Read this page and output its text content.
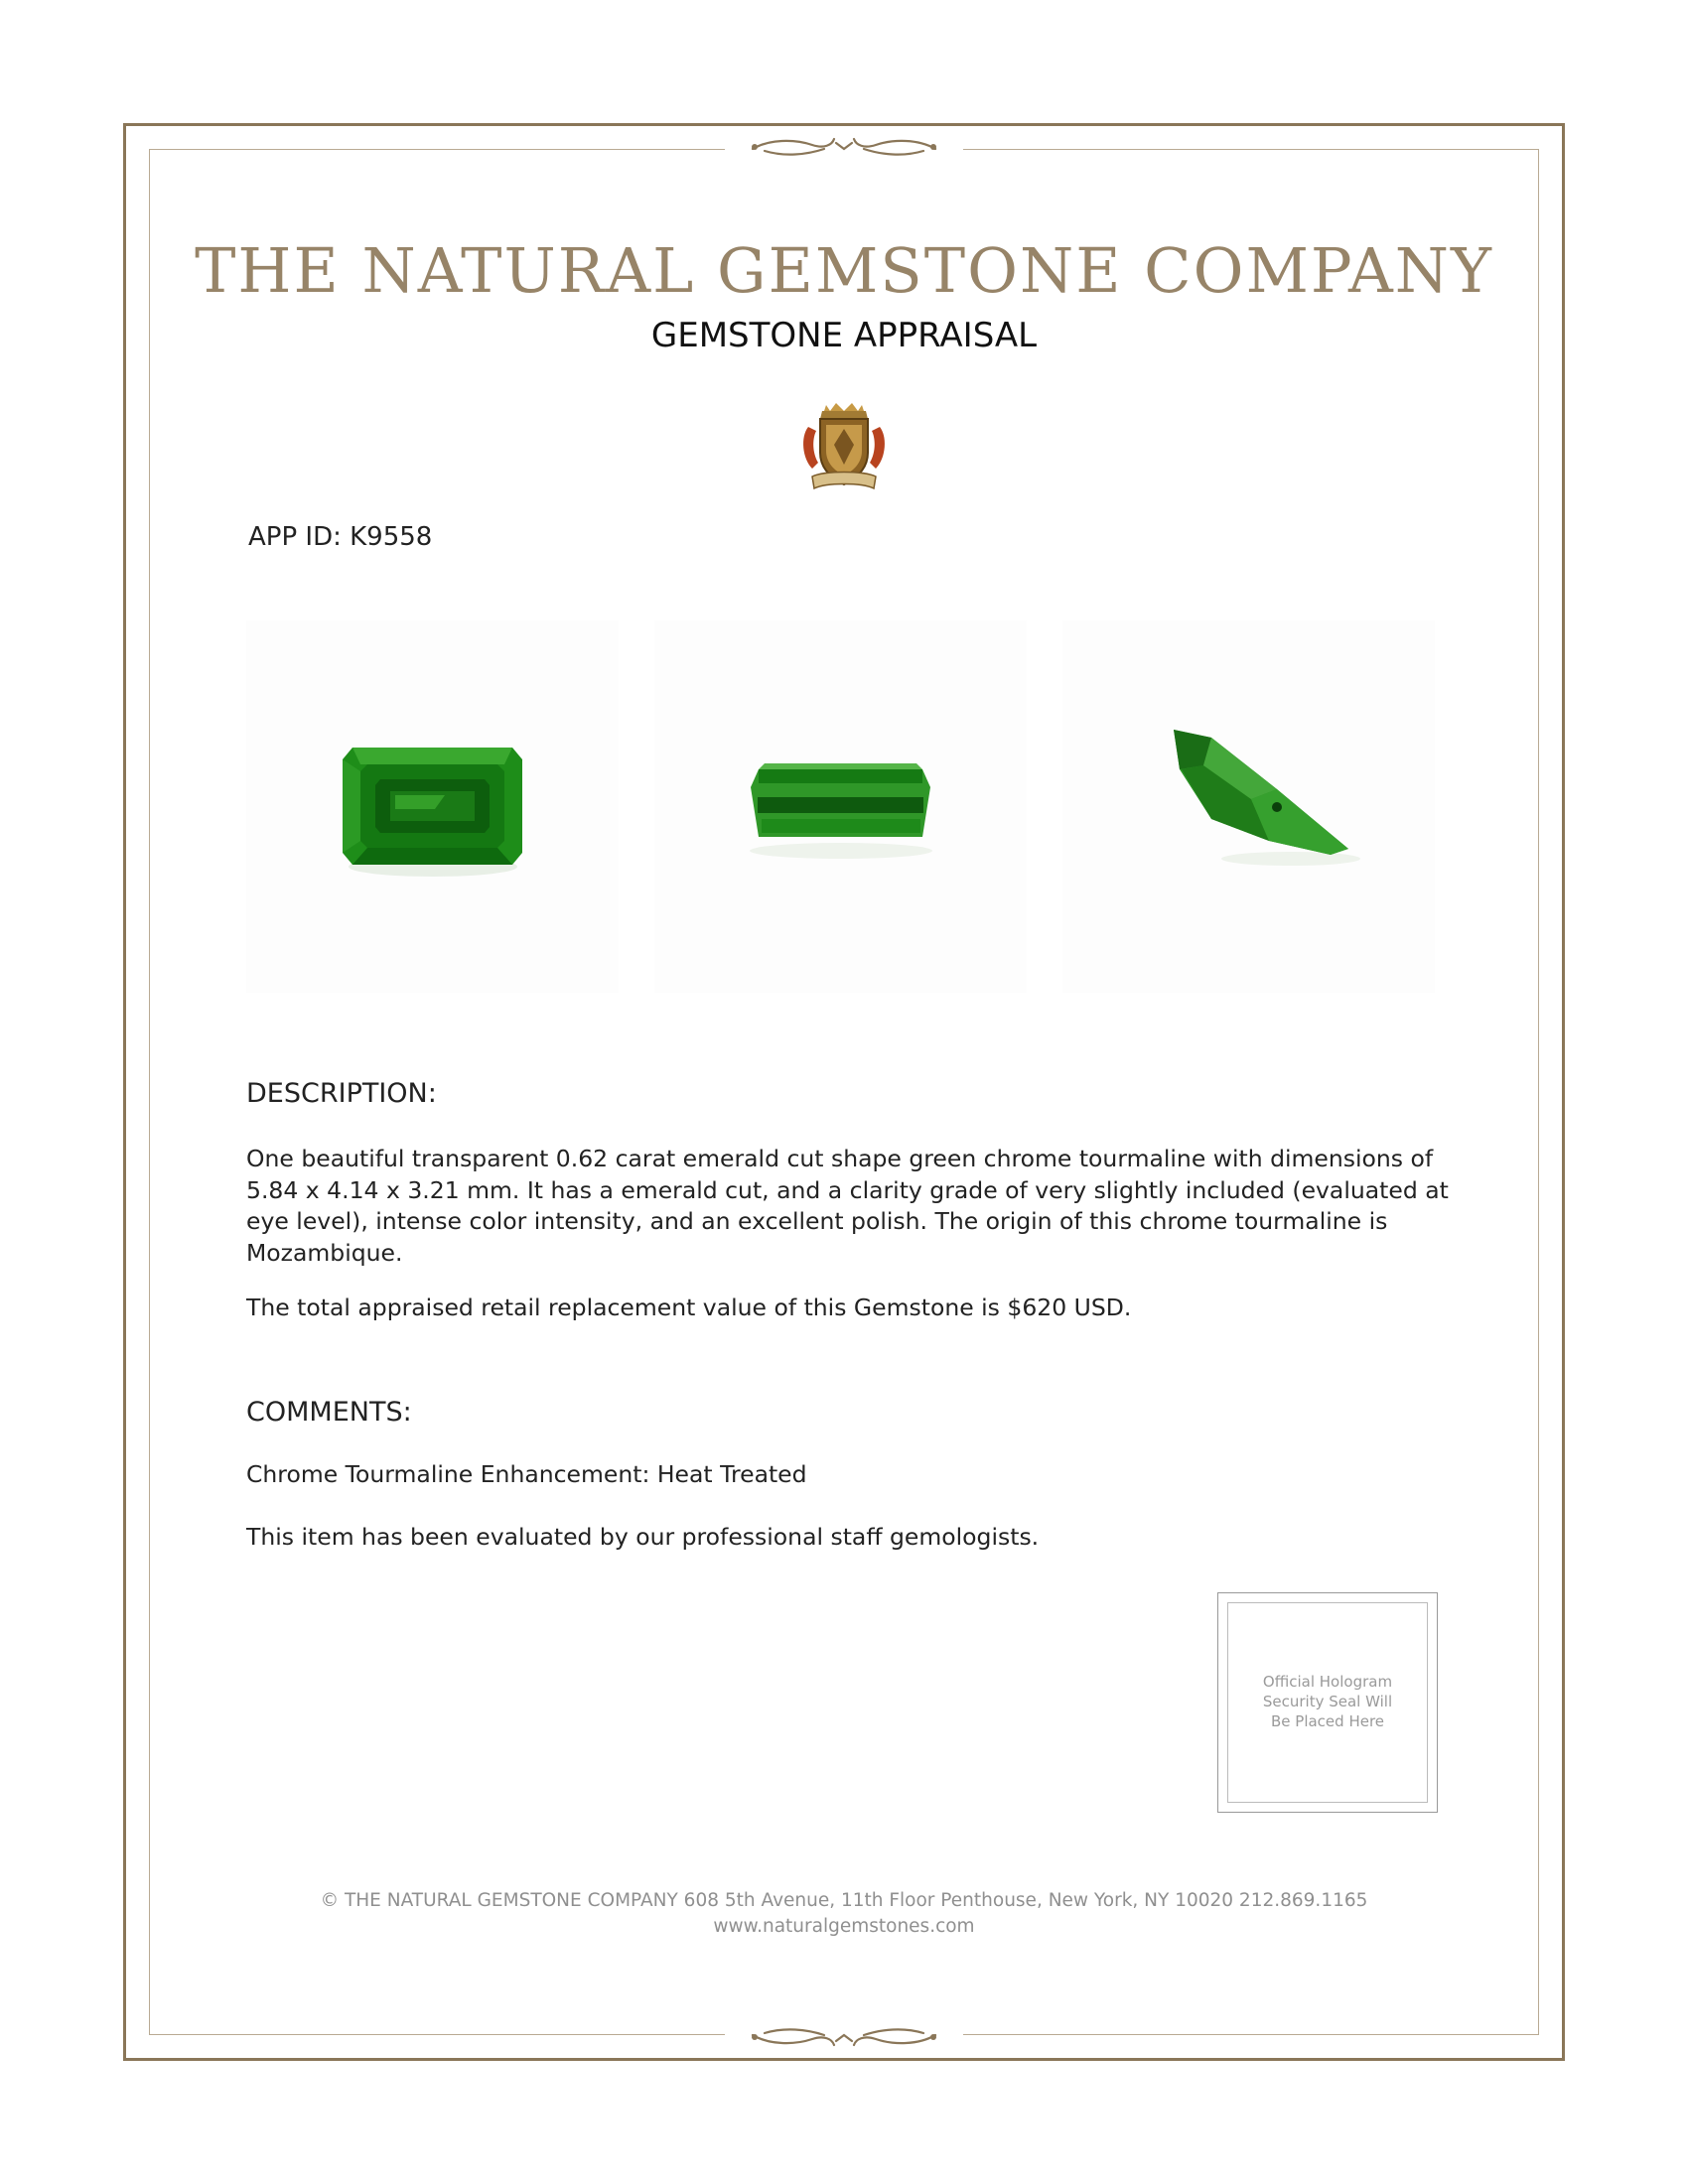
THE NATURAL GEMSTONE COMPANY
GEMSTONE APPRAISAL
APP ID: K9558
DESCRIPTION:
One beautiful transparent 0.62 carat emerald cut shape green chrome tourmaline with dimensions of 5.84 x 4.14 x 3.21 mm. It has a emerald cut, and a clarity grade of very slightly included (evaluated at eye level), intense color intensity, and an excellent polish. The origin of this chrome tourmaline is Mozambique.
The total appraised retail replacement value of this Gemstone is $620 USD.
COMMENTS:
Chrome Tourmaline Enhancement: Heat Treated
This item has been evaluated by our professional staff gemologists.
Official Hologram
Security Seal Will
Be Placed Here
© THE NATURAL GEMSTONE COMPANY 608 5th Avenue, 11th Floor Penthouse, New York, NY 10020 212.869.1165
www.naturalgemstones.com
